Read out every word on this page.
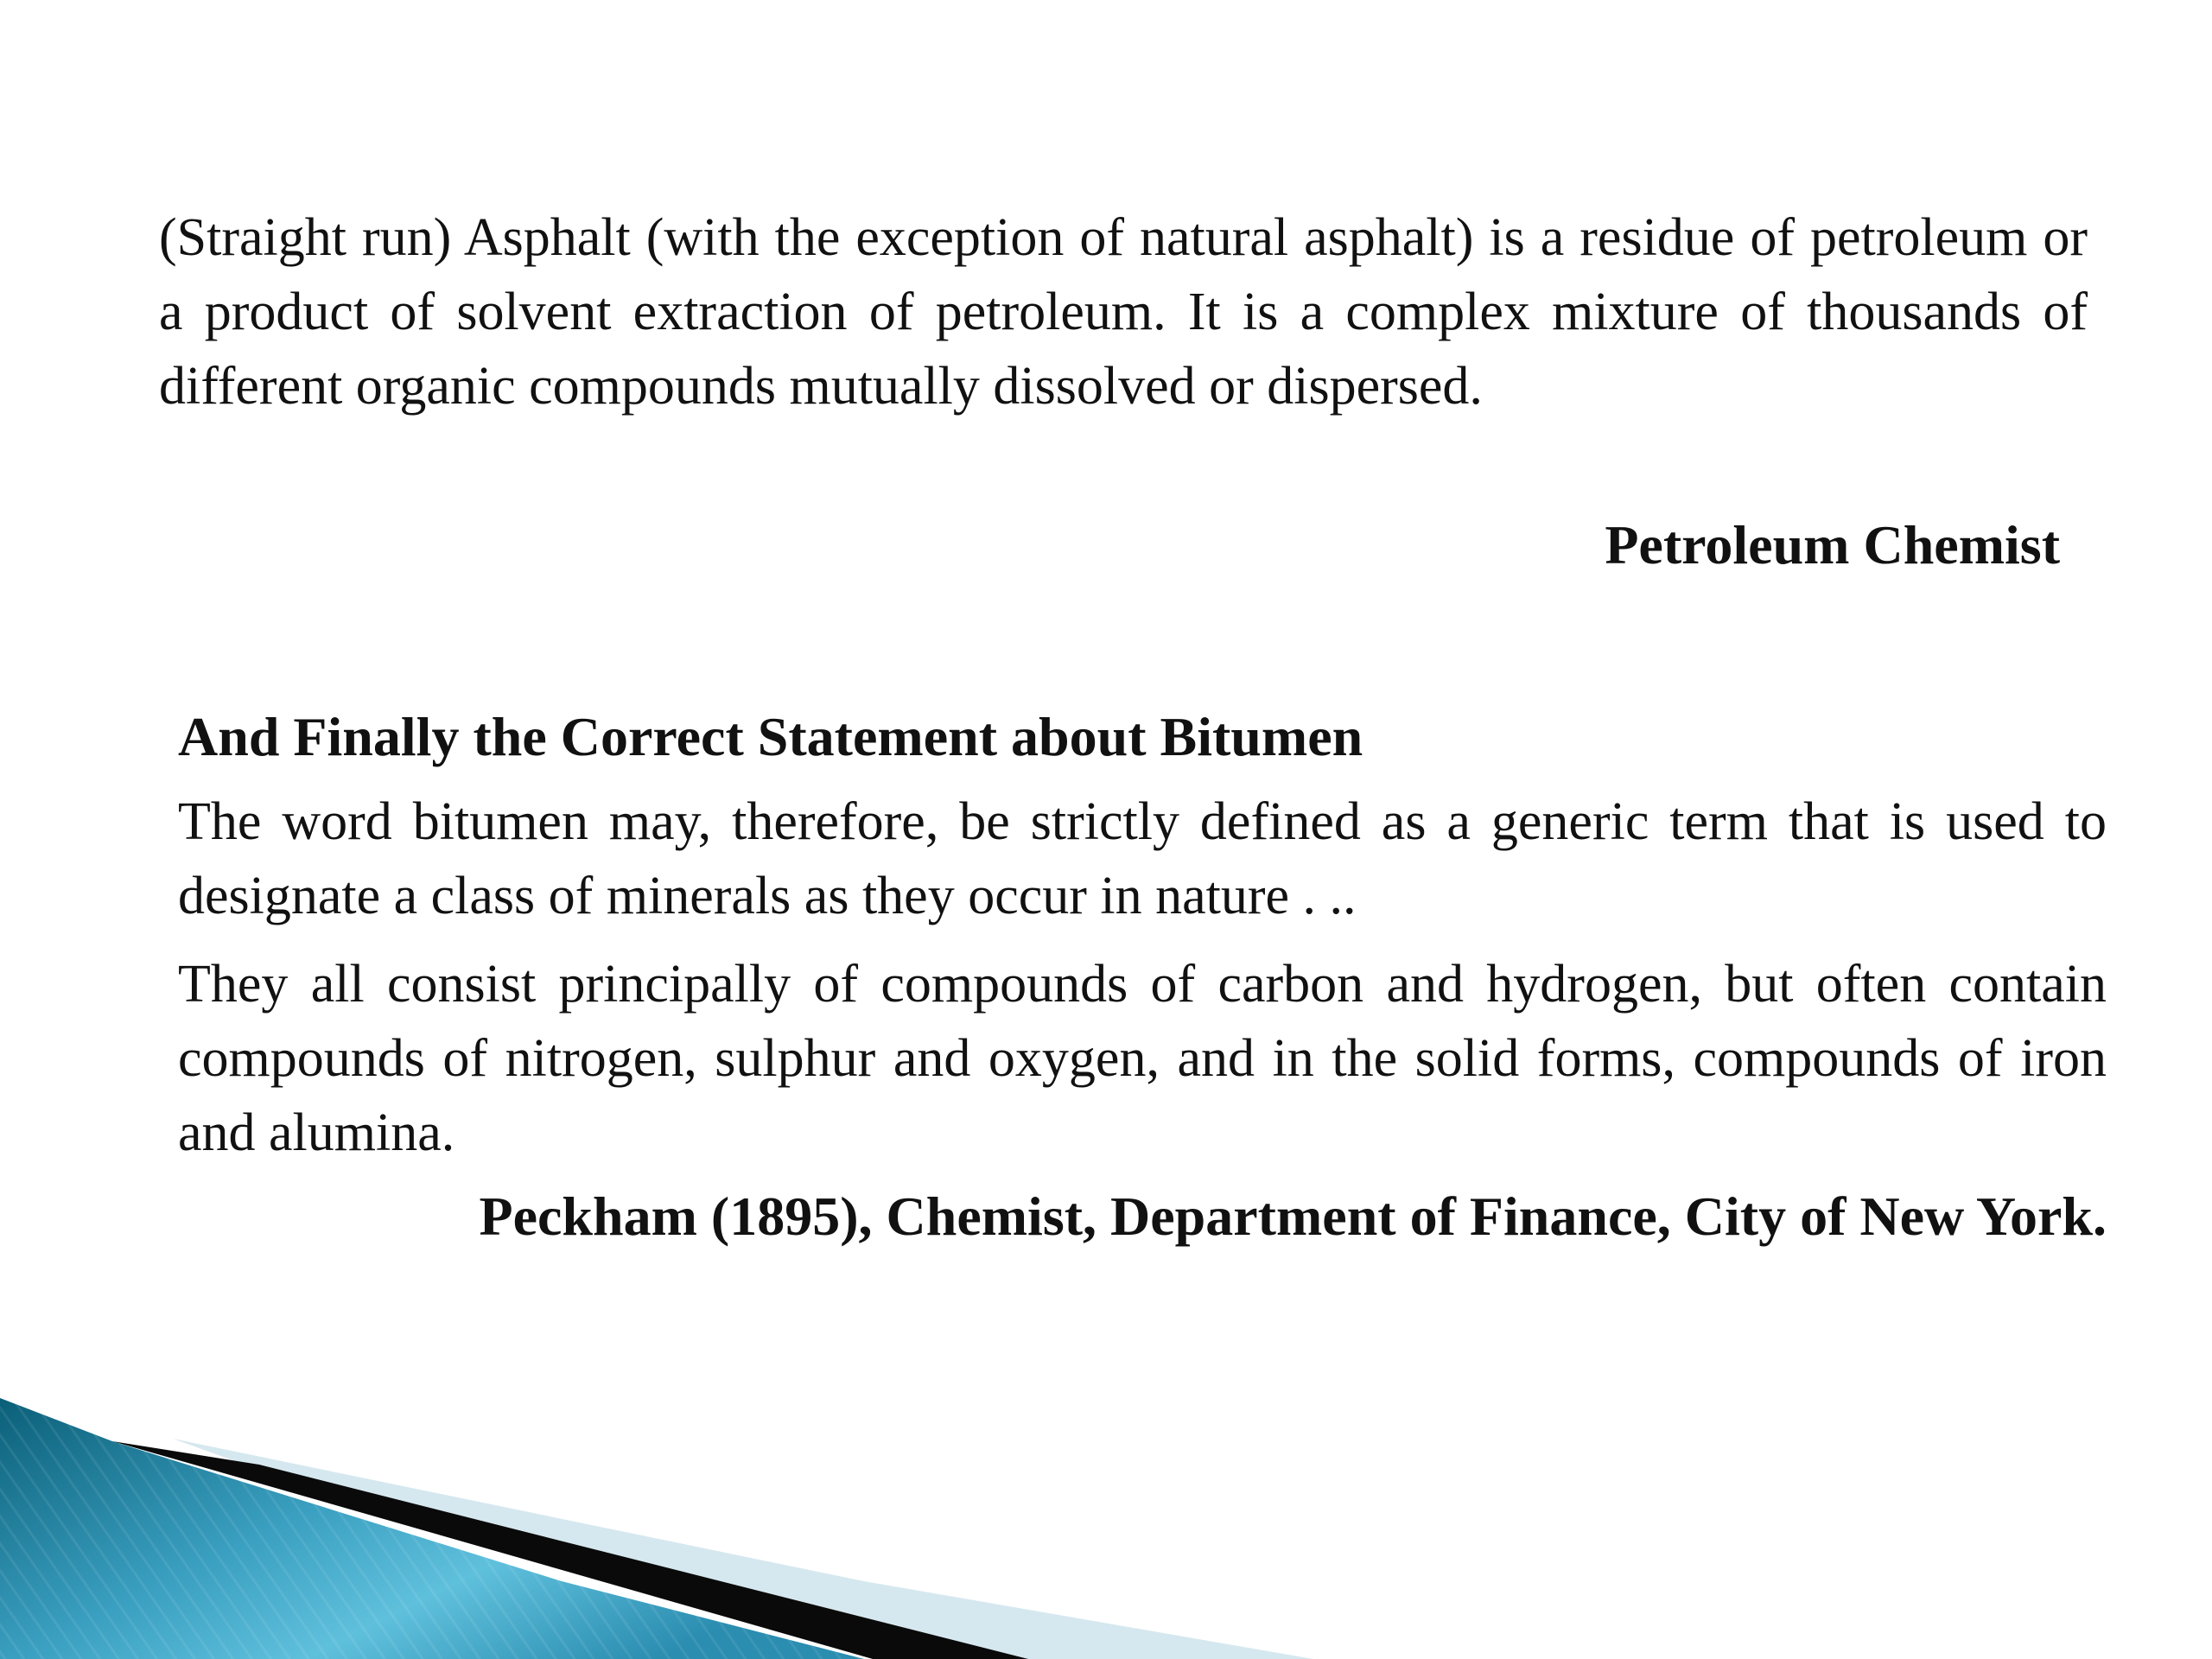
(Straight run) Asphalt (with the exception of natural asphalt) is a residue of petroleum or a product of solvent extraction of petroleum. It is a complex mixture of thousands of different organic compounds mutually dissolved or dispersed.

Petroleum Chemist
And Finally the Correct Statement about Bitumen

The word bitumen may, therefore, be strictly defined as a generic term that is used to designate a class of minerals as they occur in nature . ..

They all consist principally of compounds of carbon and hydrogen, but often contain compounds of nitrogen, sulphur and oxygen, and in the solid forms, compounds of iron and alumina.

Peckham (1895), Chemist, Department of Finance, City of New York.
